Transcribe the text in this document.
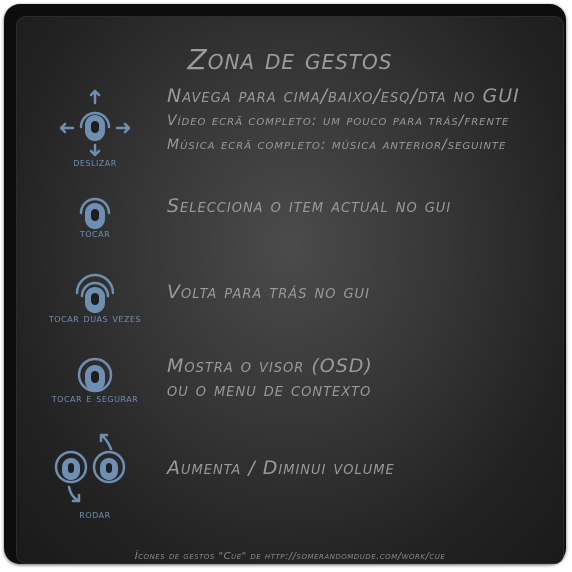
Zona de gestos
deslizar
Navega para cima/baixo/esq/dta no GUI
Vídeo ecrã completo: um pouco para trás/frente
Música ecrã completo: música anterior/seguinte
tocar
Selecciona o item actual no gui
tocar duas vezes
Volta para trás no gui
tocar e segurar
Mostra o visor (OSD)
ou o menu de contexto
rodar
Aumenta / Diminui volume
Ícones de gestos "Cue" de http://somerandomdude.com/work/cue
